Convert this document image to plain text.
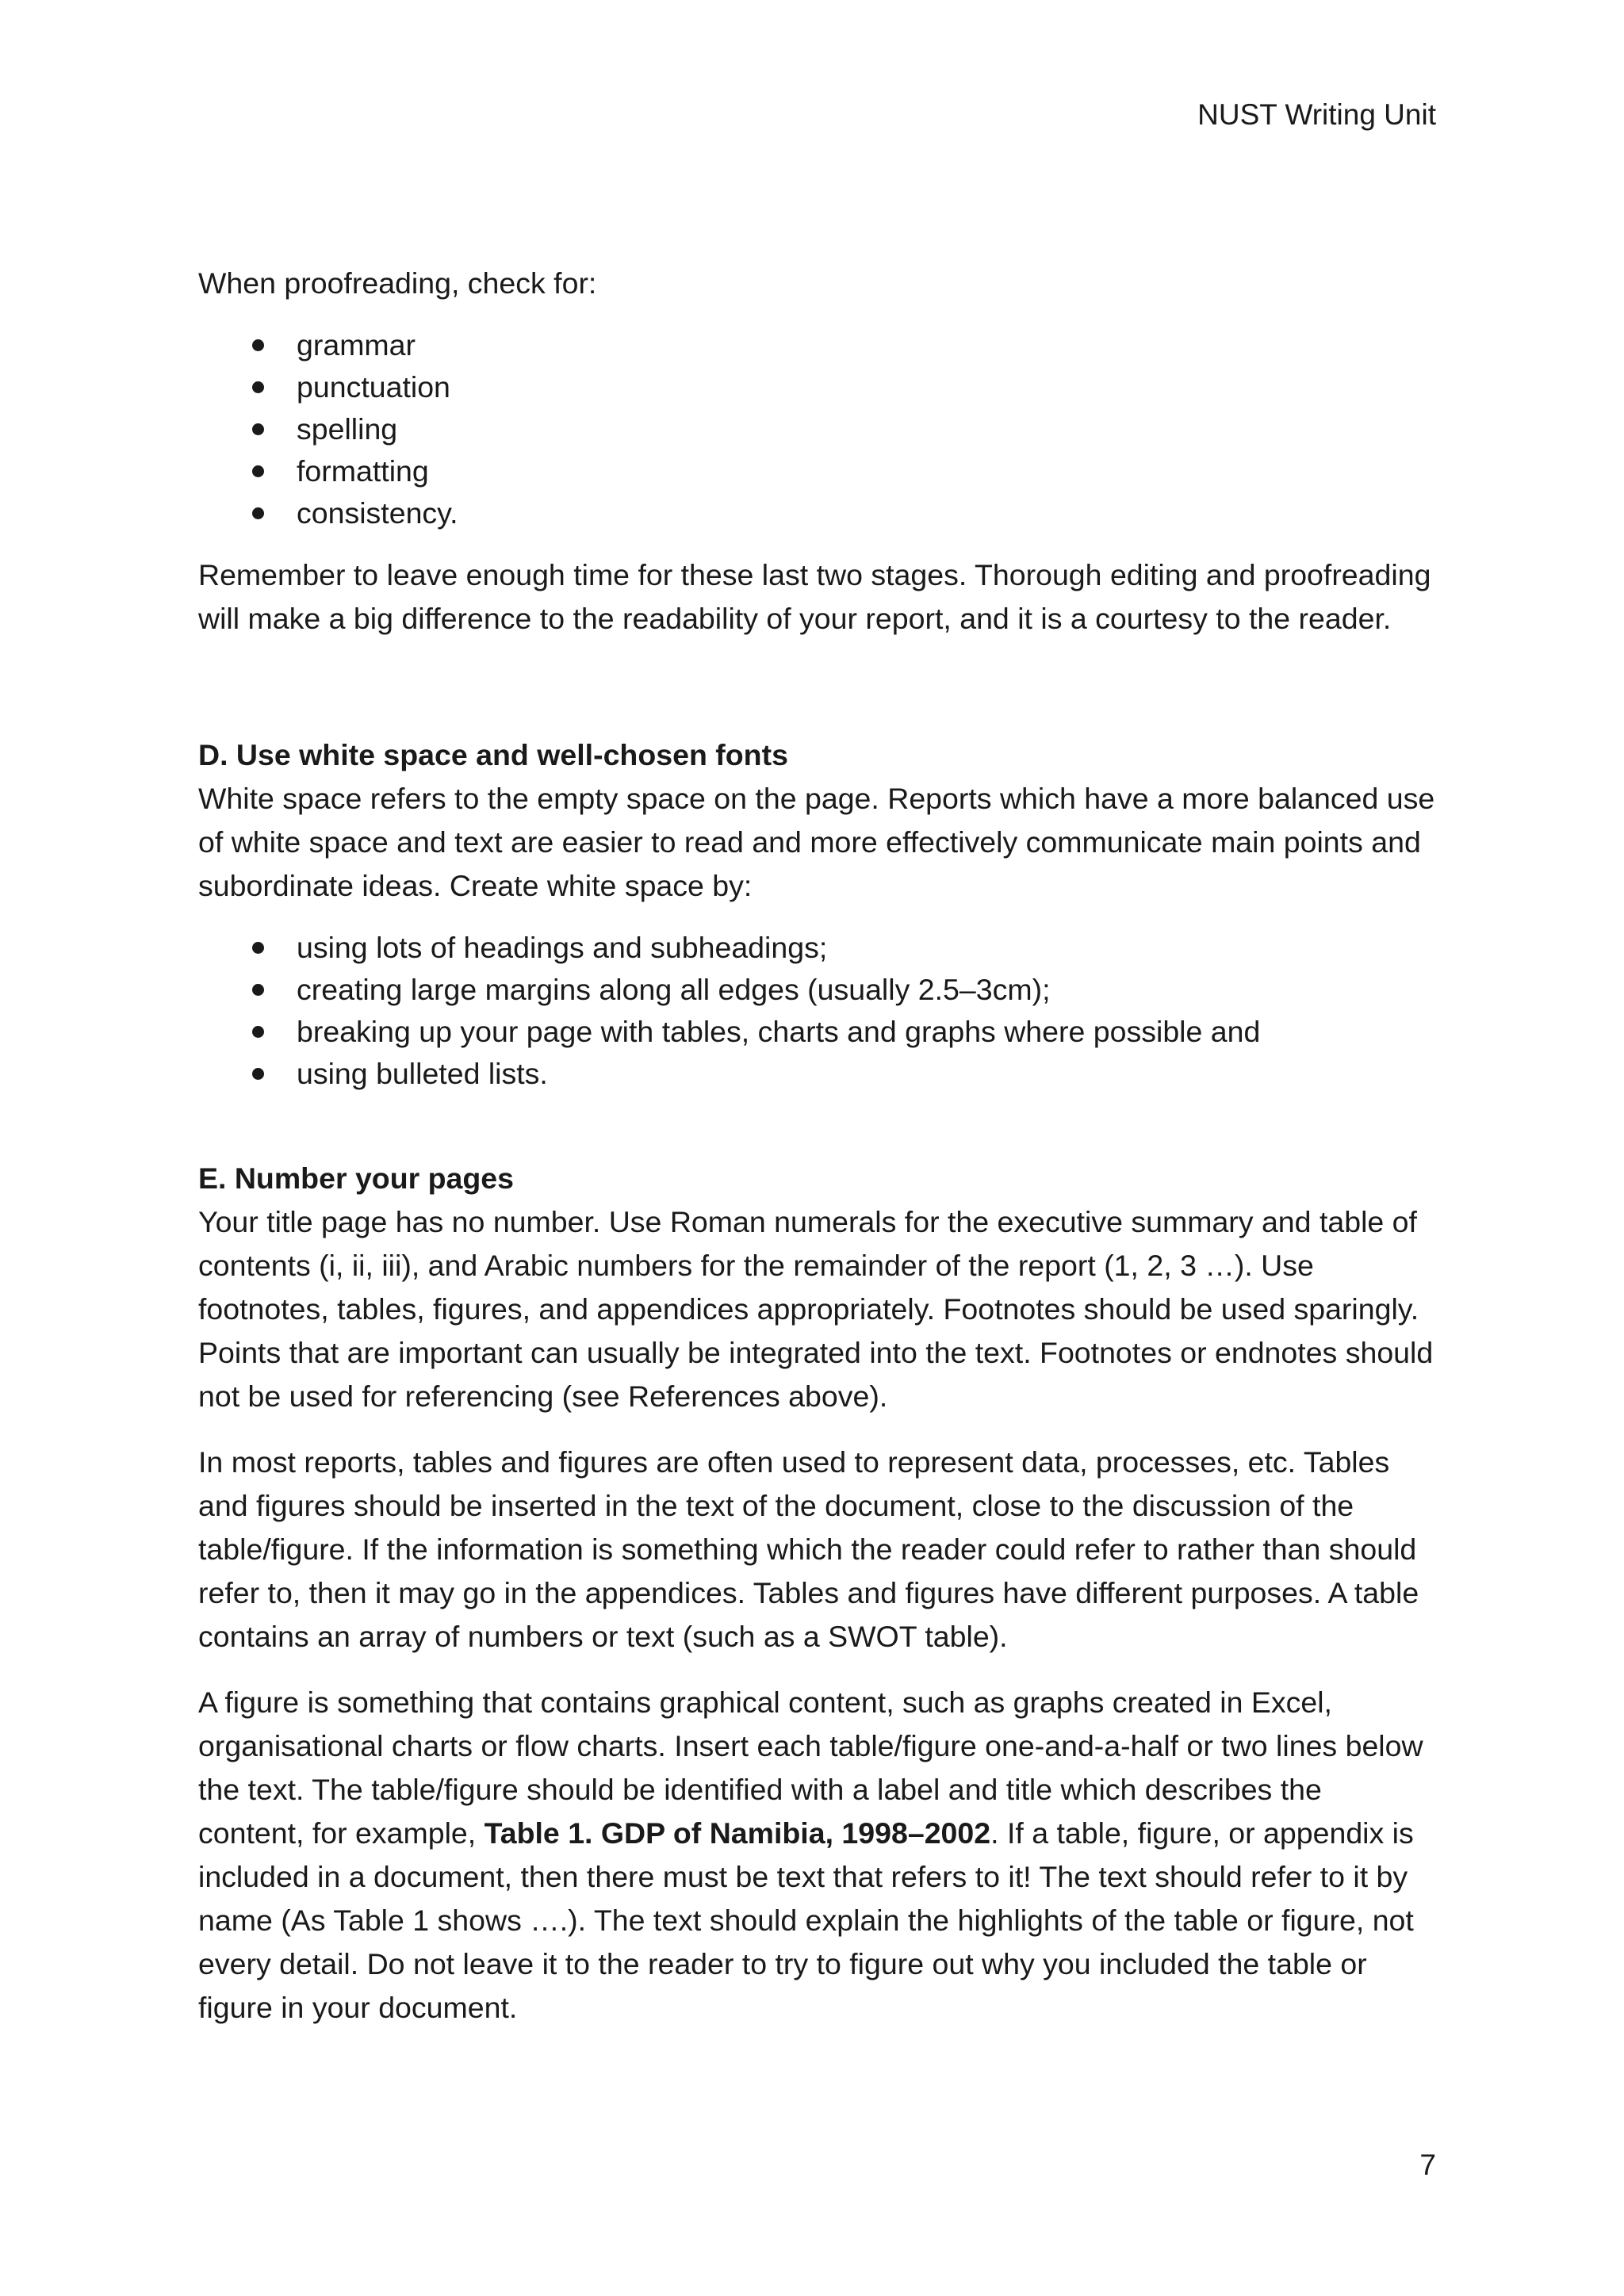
NUST Writing Unit

When proofreading, check for:

grammar
punctuation
spelling
formatting
consistency.

Remember to leave enough time for these last two stages. Thorough editing and proofreading will make a big difference to the readability of your report, and it is a courtesy to the reader.

D. Use white space and well-chosen fonts

White space refers to the empty space on the page. Reports which have a more balanced use of white space and text are easier to read and more effectively communicate main points and subordinate ideas. Create white space by:

using lots of headings and subheadings;
creating large margins along all edges (usually 2.5–3cm);
breaking up your page with tables, charts and graphs where possible and
using bulleted lists.

E. Number your pages

Your title page has no number. Use Roman numerals for the executive summary and table of contents (i, ii, iii), and Arabic numbers for the remainder of the report (1, 2, 3 …). Use footnotes, tables, figures, and appendices appropriately. Footnotes should be used sparingly. Points that are important can usually be integrated into the text. Footnotes or endnotes should not be used for referencing (see References above).

In most reports, tables and figures are often used to represent data, processes, etc. Tables and figures should be inserted in the text of the document, close to the discussion of the table/figure. If the information is something which the reader could refer to rather than should refer to, then it may go in the appendices. Tables and figures have different purposes. A table contains an array of numbers or text (such as a SWOT table).

A figure is something that contains graphical content, such as graphs created in Excel, organisational charts or flow charts. Insert each table/figure one-and-a-half or two lines below the text. The table/figure should be identified with a label and title which describes the content, for example, Table 1. GDP of Namibia, 1998–2002. If a table, figure, or appendix is included in a document, then there must be text that refers to it! The text should refer to it by name (As Table 1 shows ….). The text should explain the highlights of the table or figure, not every detail. Do not leave it to the reader to try to figure out why you included the table or figure in your document.

7
